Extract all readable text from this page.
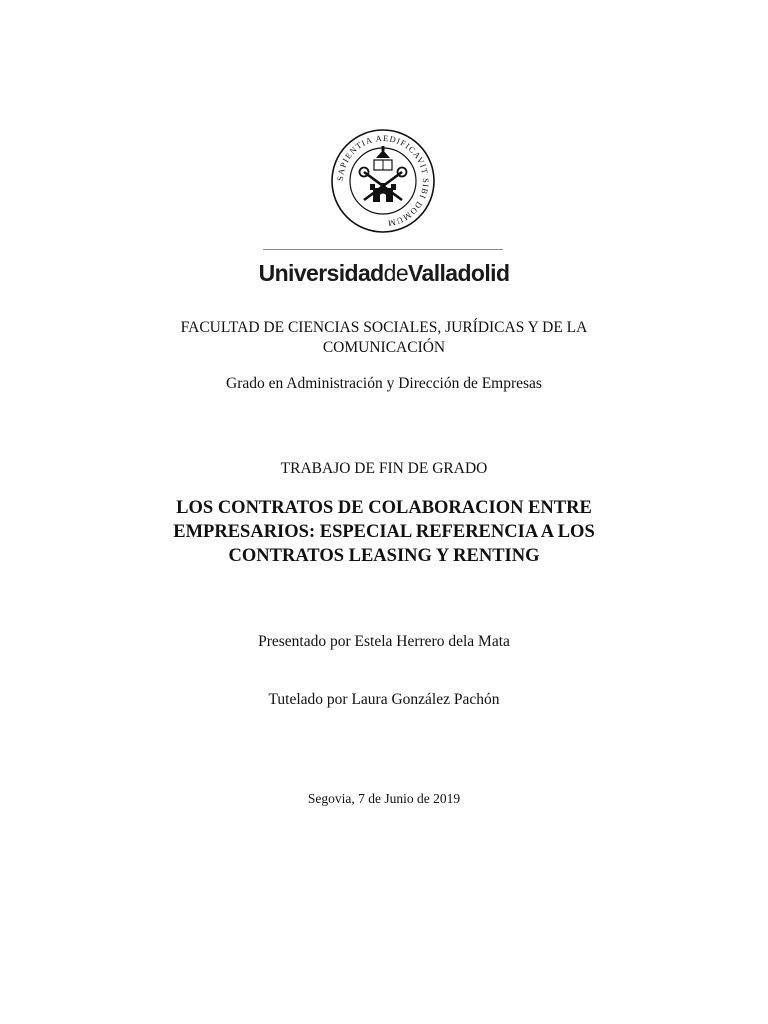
SAPIENTIA AEDIFICAVIT SIBI DOMUM
UniversidaddeValladolid
FACULTAD DE CIENCIAS SOCIALES, JURÍDICAS Y DE LA
COMUNICACIÓN
Grado en Administración y Dirección de Empresas
TRABAJO DE FIN DE GRADO
LOS CONTRATOS DE COLABORACION ENTRE
EMPRESARIOS: ESPECIAL REFERENCIA A LOS
CONTRATOS LEASING Y RENTING
Presentado por Estela Herrero dela Mata
Tutelado por Laura González Pachón
Segovia, 7 de Junio de 2019
